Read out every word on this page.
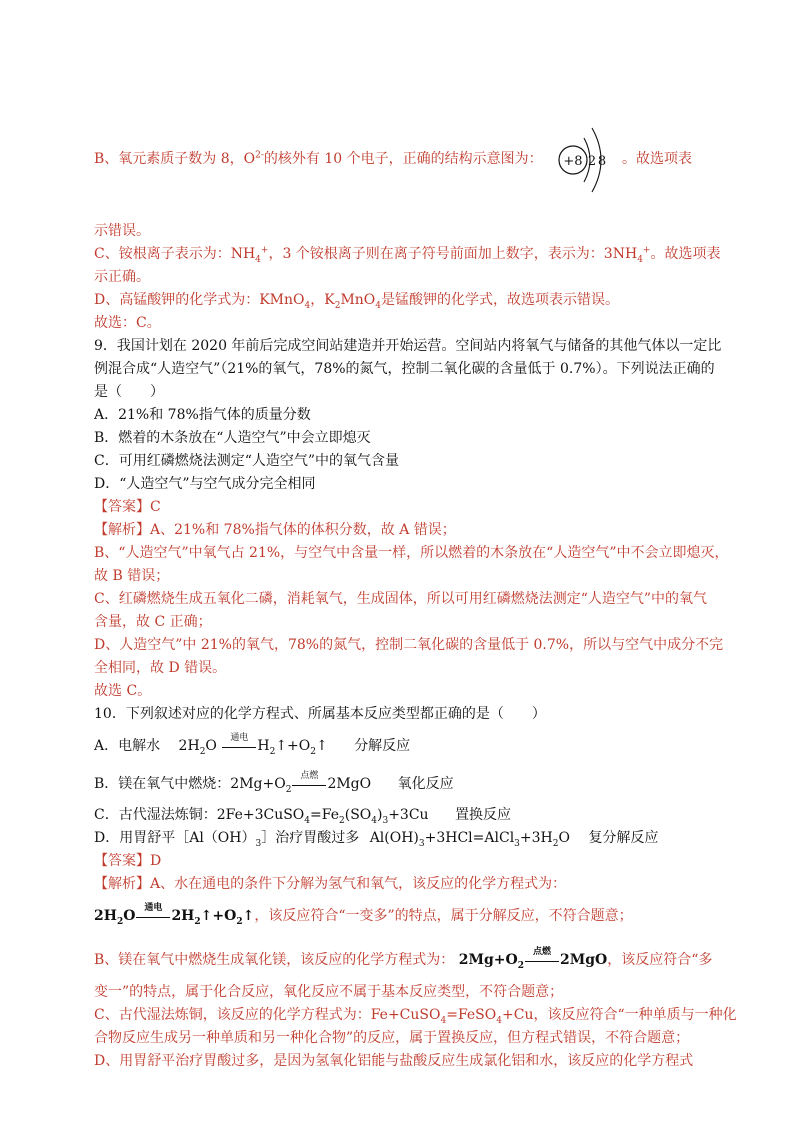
B、氧元素质子数为 8，$O^{2-}$的核外有 10 个电子，正确的结构示意图为： +8 2 8 。故选项表
示错误。
C、铵根离子表示为：$NH_4^+$，3 个铵根离子则在离子符号前面加上数字，表示为：$3NH_4^+$。故选项表
示正确。
D、高锰酸钾的化学式为：KMnO$_4$，$K_2MnO_4$是锰酸钾的化学式，故选项表示错误。
故选：C。
9．我国计划在 2020 年前后完成空间站建造并开始运营。空间站内将氧气与储备的其他气体以一定比
例混合成“人造空气”（21%的氧气，78%的氮气，控制二氧化碳的含量低于 0.7%）。下列说法正确的
是（　　）
A．21%和 78%指气体的质量分数
B．燃着的木条放在“人造空气”中会立即熄灭
C．可用红磷燃烧法测定“人造空气”中的氧气含量
D．“人造空气”与空气成分完全相同
【答案】C
【解析】A、21%和 78%指气体的体积分数，故 A 错误；
B、“人造空气”中氧气占 21%，与空气中含量一样，所以燃着的木条放在“人造空气”中不会立即熄灭，
故 B 错误；
C、红磷燃烧生成五氧化二磷，消耗氧气，生成固体，所以可用红磷燃烧法测定“人造空气”中的氧气
含量，故 C 正确；
D、人造空气”中 21%的氧气，78%的氮气，控制二氧化碳的含量低于 0.7%，所以与空气中成分不完
全相同，故 D 错误。
故选 C。
10．下列叙述对应的化学方程式、所属基本反应类型都正确的是（　　）
A．电解水　 $2H_2O$	通电 $H_2↑+O_2↑$ 分解反应
B．镁在氧气中燃烧：$2Mg+O_2$
点燃 2MgO 氧化反应
C．古代湿法炼铜：$2Fe+3CuSO_4=Fe_2(SO_4)_3+3Cu$ 置换反应
D．用胃舒平$[Al(OH)_3]$治疗胃酸过多 $Al(OH)_3+3HCl=AlCl_3+3H_2O$ 复分解反应
【答案】D
【解析】A、水在通电的条件下分解为氢气和氧气，该反应的化学方程式为：
$2H_2O$ 通电 $2H_2↑+O_2↑$，该反应符合“一变多”的特点，属于分解反应，不符合题意；
B、镁在氧气中燃烧生成氧化镁，该反应的化学方程式为： $2Mg+O_2$
点燃 2MgO，该反应符合“多
变一”的特点，属于化合反应，氧化反应不属于基本反应类型，不符合题意；
C、古代湿法炼铜，该反应的化学方程式为：Fe+CuSO$_4$=FeSO$_4$+Cu，该反应符合“一种单质与一种化
合物反应生成另一种单质和另一种化合物”的反应，属于置换反应，但方程式错误，不符合题意；
D、用胃舒平治疗胃酸过多，是因为氢氧化铝能与盐酸反应生成氯化铝和水，该反应的化学方程式
